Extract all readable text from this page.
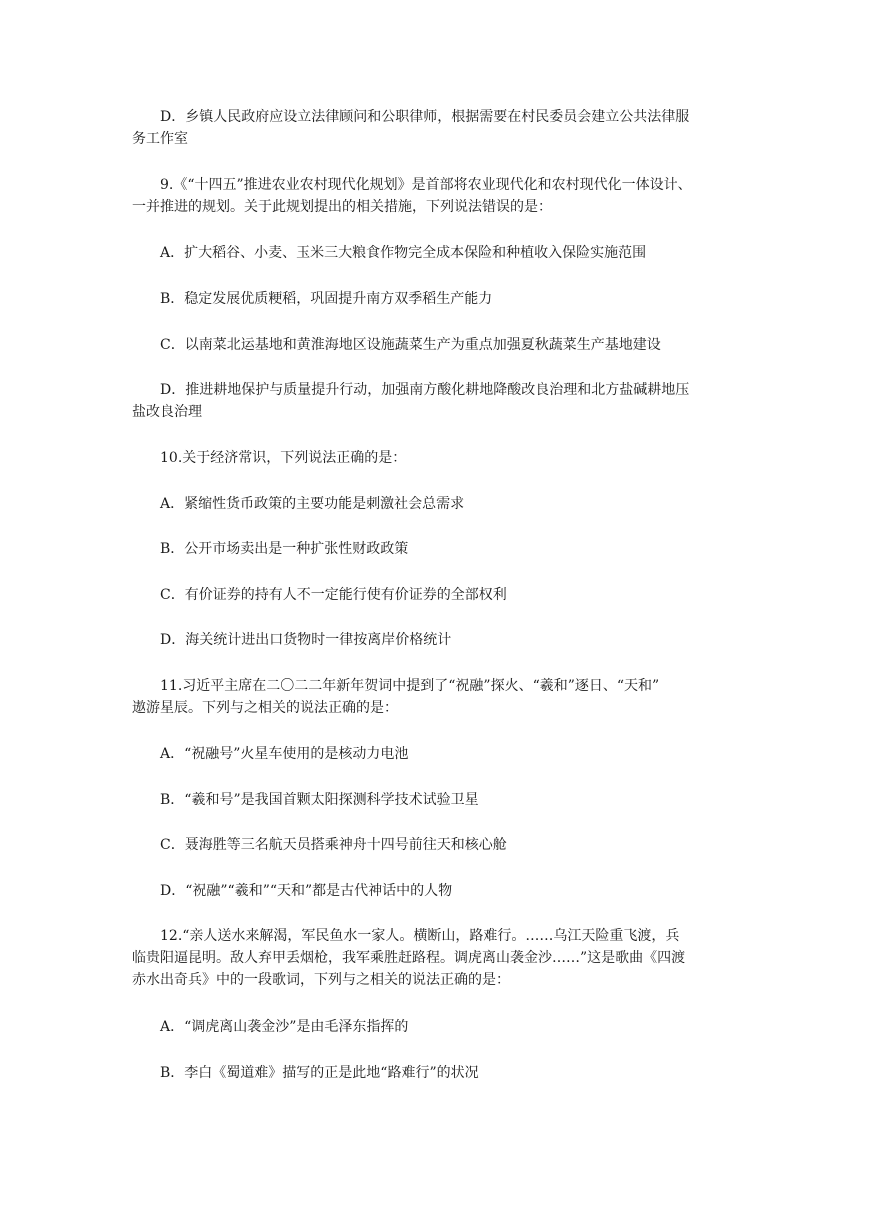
D．乡镇人民政府应设立法律顾问和公职律师，根据需要在村民委员会建立公共法律服
务工作室

9.《“十四五”推进农业农村现代化规划》是首部将农业现代化和农村现代化一体设计、
一并推进的规划。关于此规划提出的相关措施，下列说法错误的是：

A．扩大稻谷、小麦、玉米三大粮食作物完全成本保险和种植收入保险实施范围

B．稳定发展优质粳稻，巩固提升南方双季稻生产能力

C．以南菜北运基地和黄淮海地区设施蔬菜生产为重点加强夏秋蔬菜生产基地建设

D．推进耕地保护与质量提升行动，加强南方酸化耕地降酸改良治理和北方盐碱耕地压
盐改良治理

10.关于经济常识，下列说法正确的是：

A．紧缩性货币政策的主要功能是刺激社会总需求

B．公开市场卖出是一种扩张性财政政策

C．有价证券的持有人不一定能行使有价证券的全部权利

D．海关统计进出口货物时一律按离岸价格统计

11.习近平主席在二〇二二年新年贺词中提到了“祝融”探火、“羲和”逐日、“天和”
遨游星辰。下列与之相关的说法正确的是：

A．“祝融号”火星车使用的是核动力电池

B．“羲和号”是我国首颗太阳探测科学技术试验卫星

C．聂海胜等三名航天员搭乘神舟十四号前往天和核心舱

D．“祝融”“羲和”“天和”都是古代神话中的人物

12.“亲人送水来解渴，军民鱼水一家人。横断山，路难行。……乌江天险重飞渡，兵
临贵阳逼昆明。敌人弃甲丢烟枪，我军乘胜赶路程。调虎离山袭金沙……”这是歌曲《四渡
赤水出奇兵》中的一段歌词，下列与之相关的说法正确的是：

A．“调虎离山袭金沙”是由毛泽东指挥的

B．李白《蜀道难》描写的正是此地“路难行”的状况
